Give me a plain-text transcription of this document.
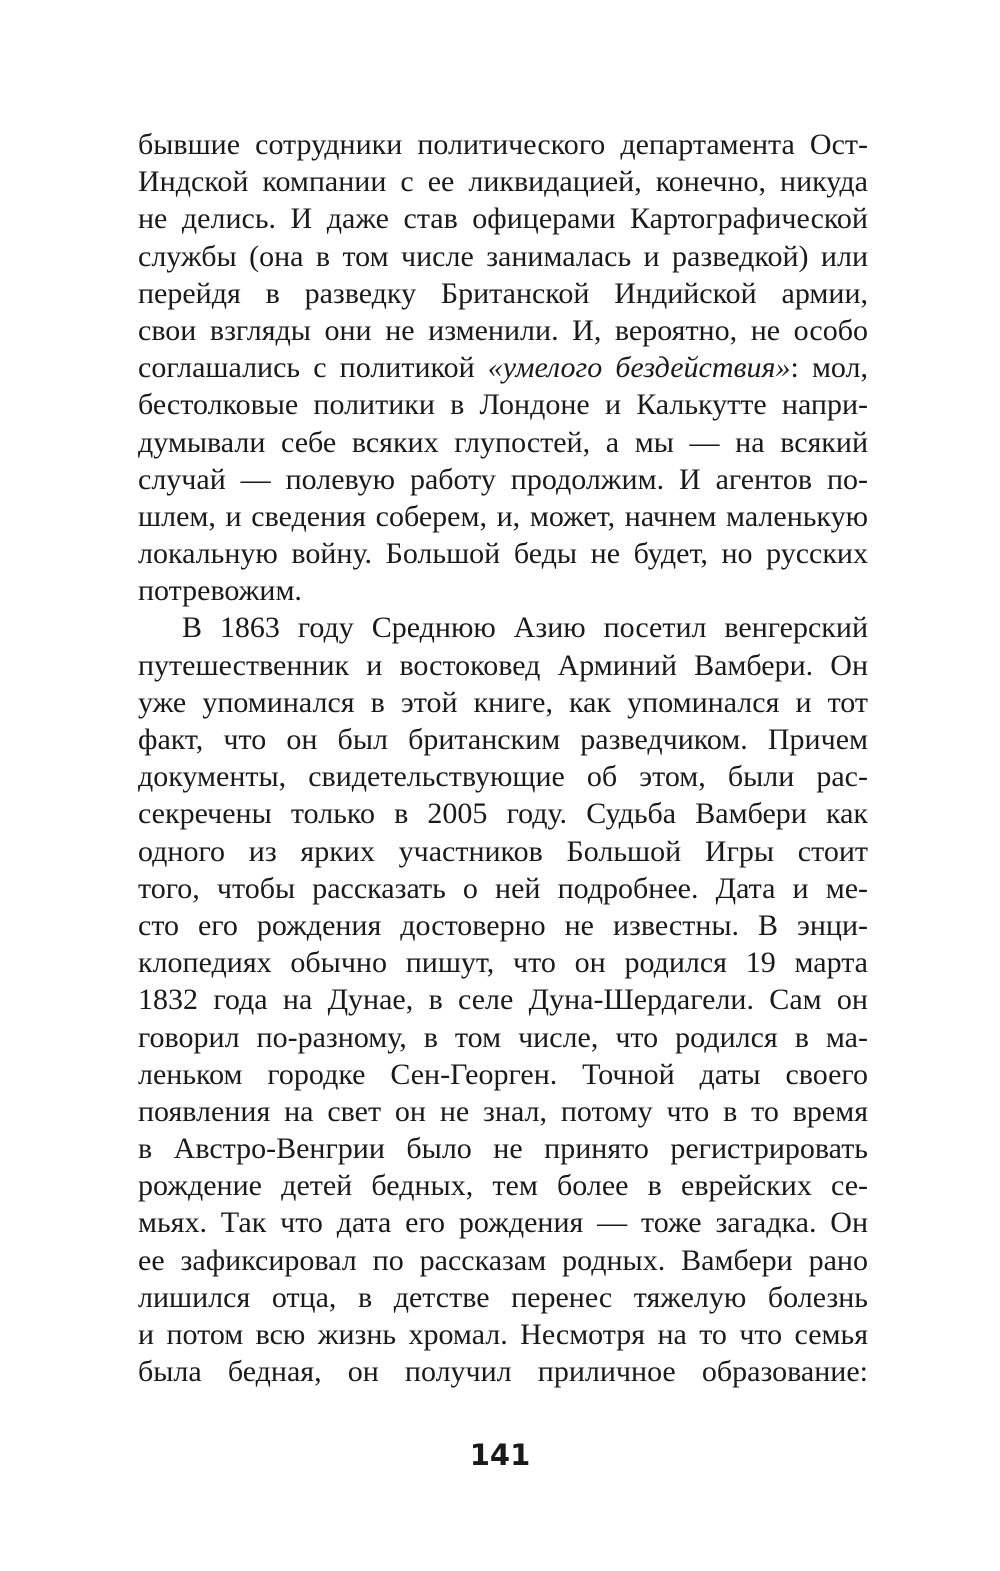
бывшие сотрудники политического департамента Ост-
Индской компании с ее ликвидацией, конечно, никуда
не делись. И даже став офицерами Картографической
службы (она в том числе занималась и разведкой) или
перейдя в разведку Британской Индийской армии,
свои взгляды они не изменили. И, вероятно, не особо
соглашались с политикой «умелого бездействия»: мол,
бестолковые политики в Лондоне и Калькутте напри-
думывали себе всяких глупостей, а мы — на всякий
случай — полевую работу продолжим. И агентов по-
шлем, и сведения соберем, и, может, начнем маленькую
локальную войну. Большой беды не будет, но русских
потревожим.
В 1863 году Среднюю Азию посетил венгерский
путешественник и востоковед Арминий Вамбери. Он
уже упоминался в этой книге, как упоминался и тот
факт, что он был британским разведчиком. Причем
документы, свидетельствующие об этом, были рас-
секречены только в 2005 году. Судьба Вамбери как
одного из ярких участников Большой Игры стоит
того, чтобы рассказать о ней подробнее. Дата и ме-
сто его рождения достоверно не известны. В энци-
клопедиях обычно пишут, что он родился 19 марта
1832 года на Дунае, в селе Дуна-Шердагели. Сам он
говорил по-разному, в том числе, что родился в ма-
леньком городке Сен-Георген. Точной даты своего
появления на свет он не знал, потому что в то время
в Австро-Венгрии было не принято регистрировать
рождение детей бедных, тем более в еврейских се-
мьях. Так что дата его рождения — тоже загадка. Он
ее зафиксировал по рассказам родных. Вамбери рано
лишился отца, в детстве перенес тяжелую болезнь
и потом всю жизнь хромал. Несмотря на то что семья
была бедная, он получил приличное образование:
141
